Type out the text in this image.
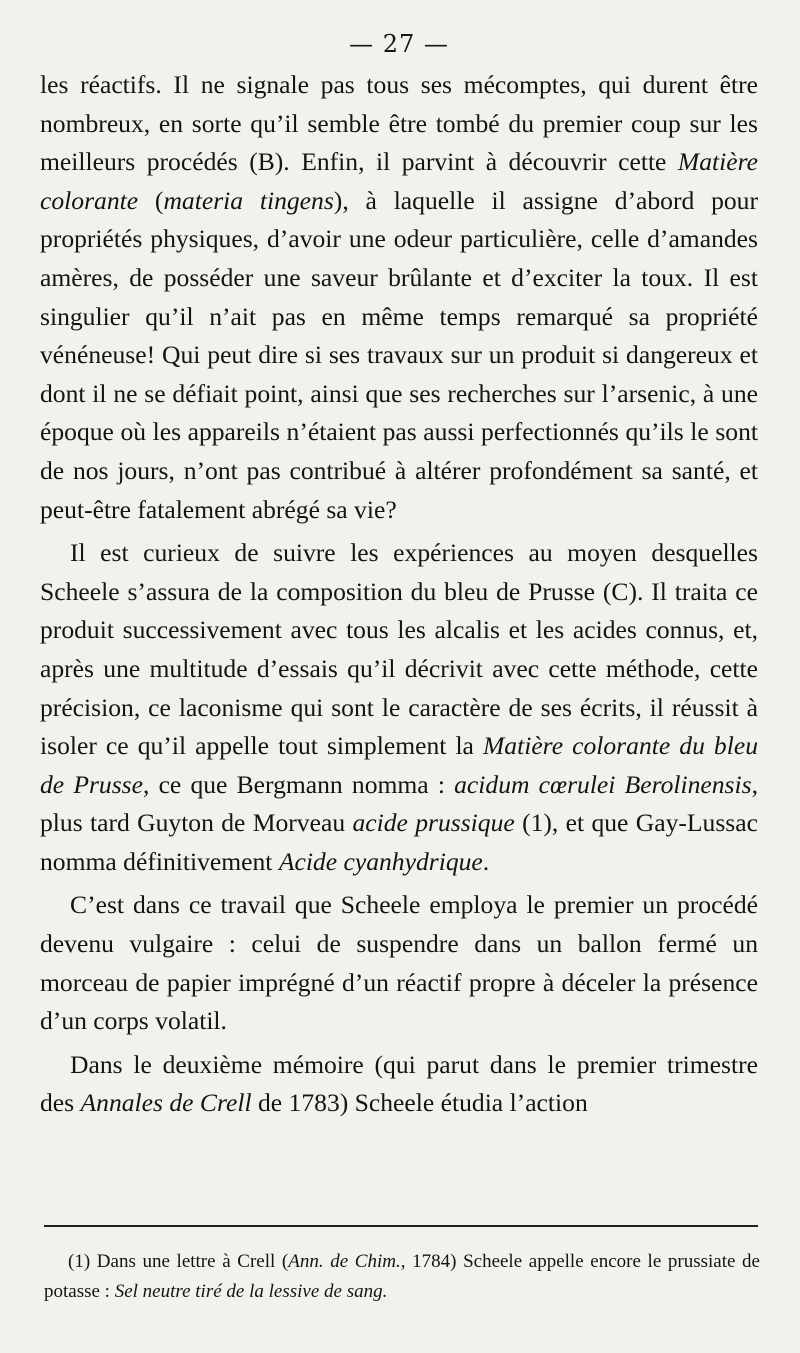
— 27 —

les réactifs. Il ne signale pas tous ses mécomptes, qui durent être nombreux, en sorte qu’il semble être tombé du premier coup sur les meilleurs procédés (B). Enfin, il parvint à découvrir cette Matière colorante (materia tingens), à laquelle il assigne d’abord pour propriétés physiques, d’avoir une odeur particulière, celle d’amandes amères, de posséder une saveur brûlante et d’exciter la toux. Il est singulier qu’il n’ait pas en même temps remarqué sa propriété vénéneuse! Qui peut dire si ses travaux sur un produit si dangereux et dont il ne se défiait point, ainsi que ses recherches sur l’arsenic, à une époque où les appareils n’étaient pas aussi perfectionnés qu’ils le sont de nos jours, n’ont pas contribué à altérer profondément sa santé, et peut-être fatalement abrégé sa vie?

Il est curieux de suivre les expériences au moyen desquelles Scheele s’assura de la composition du bleu de Prusse (C). Il traita ce produit successivement avec tous les alcalis et les acides connus, et, après une multitude d’essais qu’il décrivit avec cette méthode, cette précision, ce laconisme qui sont le caractère de ses écrits, il réussit à isoler ce qu’il appelle tout simplement la Matière colorante du bleu de Prusse, ce que Bergmann nomma : acidum cœrulei Berolinensis, plus tard Guyton de Morveau acide prussique (1), et que Gay-Lussac nomma définitivement Acide cyanhydrique.

C’est dans ce travail que Scheele employa le premier un procédé devenu vulgaire : celui de suspendre dans un ballon fermé un morceau de papier imprégné d’un réactif propre à déceler la présence d’un corps volatil.

Dans le deuxième mémoire (qui parut dans le premier trimestre des Annales de Crell de 1783) Scheele étudia l’action

(1) Dans une lettre à Crell (Ann. de Chim., 1784) Scheele appelle encore le prussiate de potasse : Sel neutre tiré de la lessive de sang.
